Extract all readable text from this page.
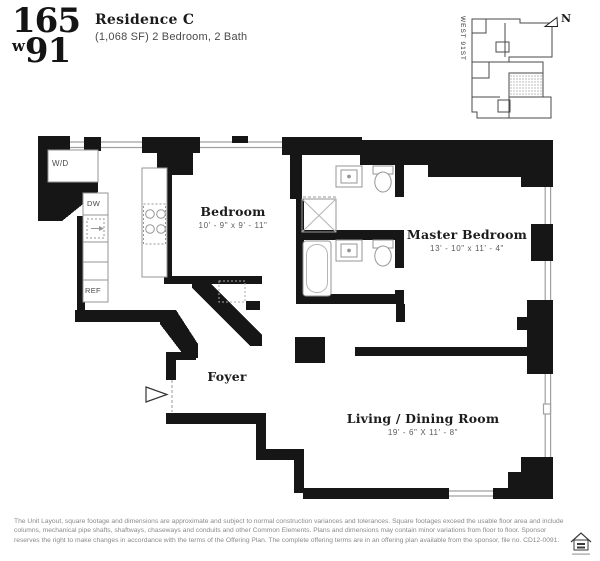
165
w 91
Residence C
(1,068 SF) 2 Bedroom, 2 Bath	WEST 91ST	N
W/D
DW
REF
Bedroom
10' - 9" x 9' - 11"
Master Bedroom
13' - 10" x 11' - 4"
Living / Dining Room
19' - 6" X 11' - 8"
Foyer
The Unit Layout, square footage and dimensions are approximate and subject to normal construction variances and tolerances. Square footages exceed the usable floor area and include columns, mechanical pipe shafts, shaftways, chaseways and conduits and other Common Elements. Plans and dimensions may contain minor variations from floor to floor. Sponsor reserves the right to make changes in accordance with the terms of the Offering Plan. The complete offering terms are in an offering plan available from the sponsor, file no. CD12-0091.
